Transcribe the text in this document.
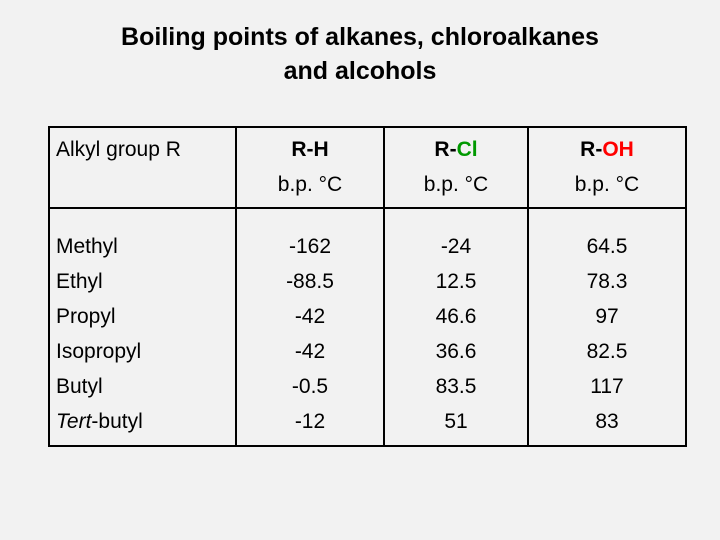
Boiling points of alkanes, chloroalkanes
and alcohols
Alkyl group R	R-H
b.p. °C
R-Cl
b.p. °C
R-OH
b.p. °C
Methyl
Ethyl
Propyl
Isopropyl
Butyl
Tert-butyl
-162
-88.5
-42
-42
-0.5
-12
-24
12.5
46.6
36.6
83.5
51
64.5
78.3
97
82.5
117
83
